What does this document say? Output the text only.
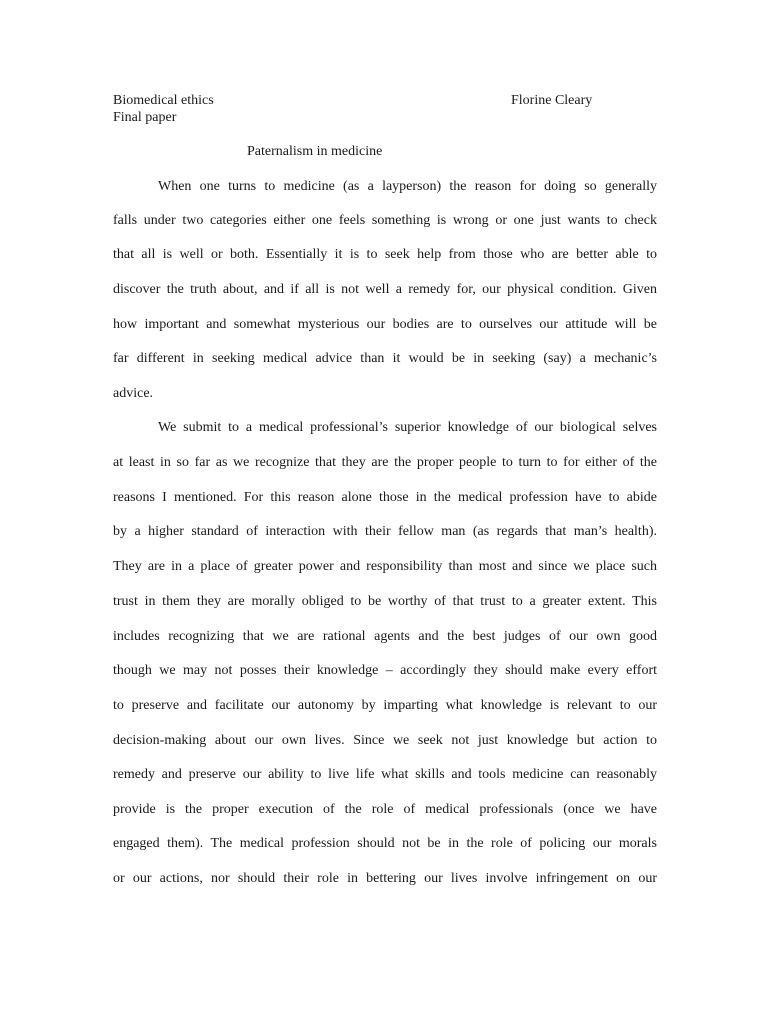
Biomedical ethics	Florine Cleary
Final paper
Paternalism in medicine
When one turns to medicine (as a layperson) the reason for doing so generally
falls under two categories either one feels something is wrong or one just wants to check
that all is well or both. Essentially it is to seek help from those who are better able to
discover the truth about, and if all is not well a remedy for, our physical condition. Given
how important and somewhat mysterious our bodies are to ourselves our attitude will be
far different in seeking medical advice than it would be in seeking (say) a mechanic’s
advice.
We submit to a medical professional’s superior knowledge of our biological selves
at least in so far as we recognize that they are the proper people to turn to for either of the
reasons I mentioned. For this reason alone those in the medical profession have to abide
by a higher standard of interaction with their fellow man (as regards that man’s health).
They are in a place of greater power and responsibility than most and since we place such
trust in them they are morally obliged to be worthy of that trust to a greater extent. This
includes recognizing that we are rational agents and the best judges of our own good
though we may not posses their knowledge – accordingly they should make every effort
to preserve and facilitate our autonomy by imparting what knowledge is relevant to our
decision-making about our own lives. Since we seek not just knowledge but action to
remedy and preserve our ability to live life what skills and tools medicine can reasonably
provide is the proper execution of the role of medical professionals (once we have
engaged them). The medical profession should not be in the role of policing our morals
or our actions, nor should their role in bettering our lives involve infringement on our
